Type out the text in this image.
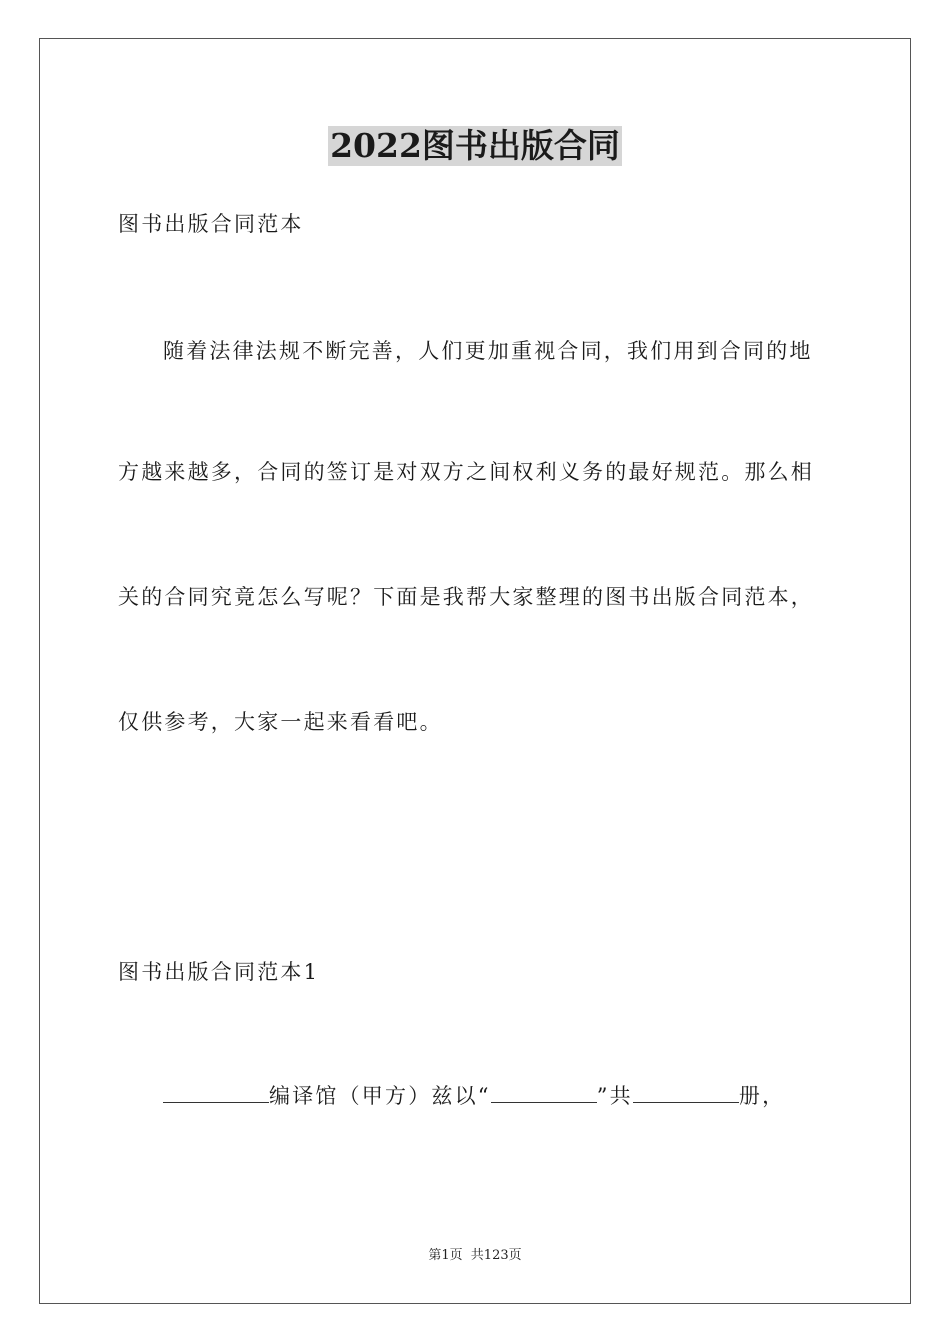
2022图书出版合同
图书出版合同范本
随着法律法规不断完善，人们更加重视合同，我们用到合同的地
方越来越多，合同的签订是对双方之间权利义务的最好规范。那么相
关的合同究竟怎么写呢？下面是我帮大家整理的图书出版合同范本，
仅供参考，大家一起来看看吧。
图书出版合同范本1
编译馆（甲方）兹以“	”共	册，
第1页 共123页
